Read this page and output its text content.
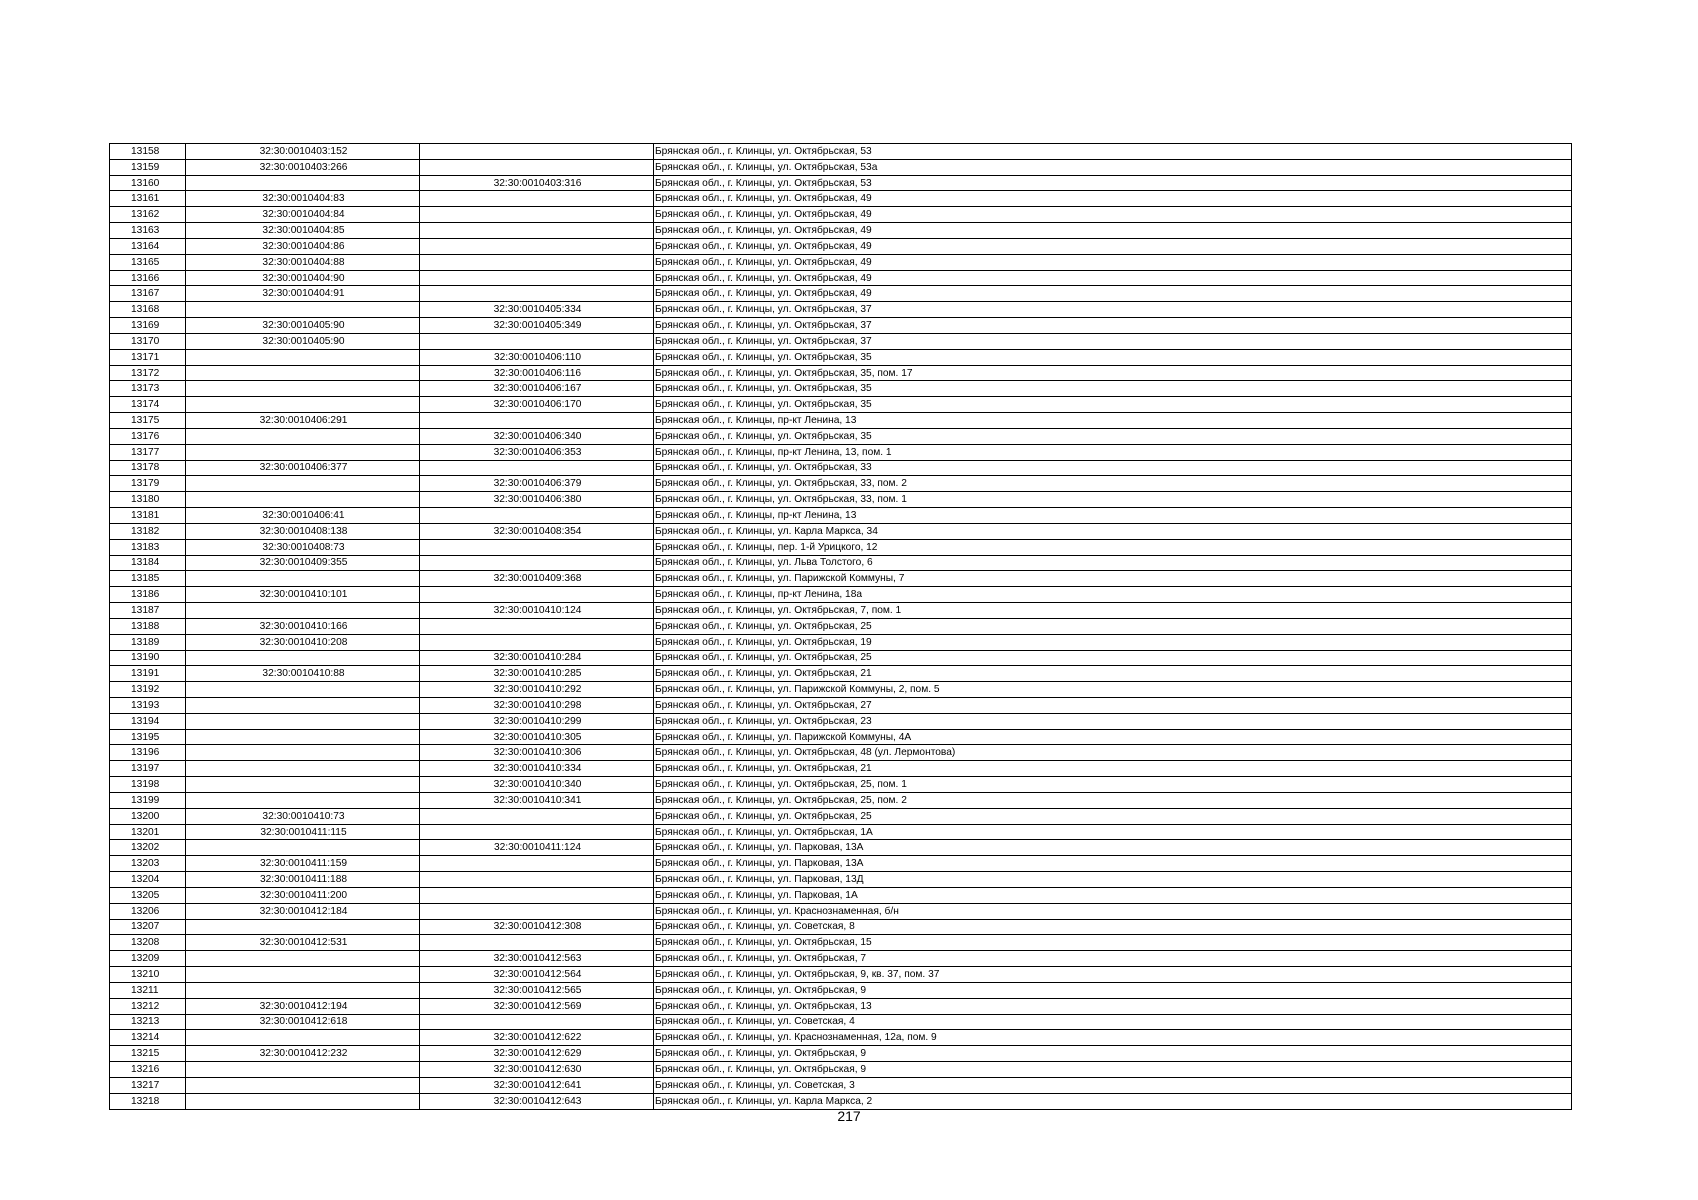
13158	32:30:0010403:152		Брянская обл., г. Клинцы, ул. Октябрьская, 53
13159	32:30:0010403:266		Брянская обл., г. Клинцы, ул. Октябрьская, 53а
13160		32:30:0010403:316	Брянская обл., г. Клинцы, ул. Октябрьская, 53
13161	32:30:0010404:83		Брянская обл., г. Клинцы, ул. Октябрьская, 49
13162	32:30:0010404:84		Брянская обл., г. Клинцы, ул. Октябрьская, 49
13163	32:30:0010404:85		Брянская обл., г. Клинцы, ул. Октябрьская, 49
13164	32:30:0010404:86		Брянская обл., г. Клинцы, ул. Октябрьская, 49
13165	32:30:0010404:88		Брянская обл., г. Клинцы, ул. Октябрьская, 49
13166	32:30:0010404:90		Брянская обл., г. Клинцы, ул. Октябрьская, 49
13167	32:30:0010404:91		Брянская обл., г. Клинцы, ул. Октябрьская, 49
13168		32:30:0010405:334	Брянская обл., г. Клинцы, ул. Октябрьская, 37
13169	32:30:0010405:90	32:30:0010405:349	Брянская обл., г. Клинцы, ул. Октябрьская, 37
13170	32:30:0010405:90		Брянская обл., г. Клинцы, ул. Октябрьская, 37
13171		32:30:0010406:110	Брянская обл., г. Клинцы, ул. Октябрьская, 35
13172		32:30:0010406:116	Брянская обл., г. Клинцы, ул. Октябрьская, 35, пом. 17
13173		32:30:0010406:167	Брянская обл., г. Клинцы, ул. Октябрьская, 35
13174		32:30:0010406:170	Брянская обл., г. Клинцы, ул. Октябрьская, 35
13175	32:30:0010406:291		Брянская обл., г. Клинцы, пр-кт Ленина, 13
13176		32:30:0010406:340	Брянская обл., г. Клинцы, ул. Октябрьская, 35
13177		32:30:0010406:353	Брянская обл., г. Клинцы, пр-кт Ленина, 13, пом. 1
13178	32:30:0010406:377		Брянская обл., г. Клинцы, ул. Октябрьская, 33
13179		32:30:0010406:379	Брянская обл., г. Клинцы, ул. Октябрьская, 33, пом. 2
13180		32:30:0010406:380	Брянская обл., г. Клинцы, ул. Октябрьская, 33, пом. 1
13181	32:30:0010406:41		Брянская обл., г. Клинцы, пр-кт Ленина, 13
13182	32:30:0010408:138	32:30:0010408:354	Брянская обл., г. Клинцы, ул. Карла Маркса, 34
13183	32:30:0010408:73		Брянская обл., г. Клинцы, пер. 1-й Урицкого, 12
13184	32:30:0010409:355		Брянская обл., г. Клинцы, ул. Льва Толстого, 6
13185		32:30:0010409:368	Брянская обл., г. Клинцы, ул. Парижской Коммуны, 7
13186	32:30:0010410:101		Брянская обл., г. Клинцы, пр-кт Ленина, 18а
13187		32:30:0010410:124	Брянская обл., г. Клинцы, ул. Октябрьская, 7, пом. 1
13188	32:30:0010410:166		Брянская обл., г. Клинцы, ул. Октябрьская, 25
13189	32:30:0010410:208		Брянская обл., г. Клинцы, ул. Октябрьская, 19
13190		32:30:0010410:284	Брянская обл., г. Клинцы, ул. Октябрьская, 25
13191	32:30:0010410:88	32:30:0010410:285	Брянская обл., г. Клинцы, ул. Октябрьская, 21
13192		32:30:0010410:292	Брянская обл., г. Клинцы, ул. Парижской Коммуны, 2, пом. 5
13193		32:30:0010410:298	Брянская обл., г. Клинцы, ул. Октябрьская, 27
13194		32:30:0010410:299	Брянская обл., г. Клинцы, ул. Октябрьская, 23
13195		32:30:0010410:305	Брянская обл., г. Клинцы, ул. Парижской Коммуны, 4А
13196		32:30:0010410:306	Брянская обл., г. Клинцы, ул. Октябрьская, 48 (ул. Лермонтова)
13197		32:30:0010410:334	Брянская обл., г. Клинцы, ул. Октябрьская, 21
13198		32:30:0010410:340	Брянская обл., г. Клинцы, ул. Октябрьская, 25, пом. 1
13199		32:30:0010410:341	Брянская обл., г. Клинцы, ул. Октябрьская, 25, пом. 2
13200	32:30:0010410:73		Брянская обл., г. Клинцы, ул. Октябрьская, 25
13201	32:30:0010411:115		Брянская обл., г. Клинцы, ул. Октябрьская, 1А
13202		32:30:0010411:124	Брянская обл., г. Клинцы, ул. Парковая, 13А
13203	32:30:0010411:159		Брянская обл., г. Клинцы, ул. Парковая, 13А
13204	32:30:0010411:188		Брянская обл., г. Клинцы, ул. Парковая, 13Д
13205	32:30:0010411:200		Брянская обл., г. Клинцы, ул. Парковая, 1А
13206	32:30:0010412:184		Брянская обл., г. Клинцы, ул. Краснознаменная, б/н
13207		32:30:0010412:308	Брянская обл., г. Клинцы, ул. Советская, 8
13208	32:30:0010412:531		Брянская обл., г. Клинцы, ул. Октябрьская, 15
13209		32:30:0010412:563	Брянская обл., г. Клинцы, ул. Октябрьская, 7
13210		32:30:0010412:564	Брянская обл., г. Клинцы, ул. Октябрьская, 9, кв. 37, пом. 37
13211		32:30:0010412:565	Брянская обл., г. Клинцы, ул. Октябрьская, 9
13212	32:30:0010412:194	32:30:0010412:569	Брянская обл., г. Клинцы, ул. Октябрьская, 13
13213	32:30:0010412:618		Брянская обл., г. Клинцы, ул. Советская, 4
13214		32:30:0010412:622	Брянская обл., г. Клинцы, ул. Краснознаменная, 12а, пом. 9
13215	32:30:0010412:232	32:30:0010412:629	Брянская обл., г. Клинцы, ул. Октябрьская, 9
13216		32:30:0010412:630	Брянская обл., г. Клинцы, ул. Октябрьская, 9
13217		32:30:0010412:641	Брянская обл., г. Клинцы, ул. Советская, 3
13218		32:30:0010412:643	Брянская обл., г. Клинцы, ул. Карла Маркса, 2
217
